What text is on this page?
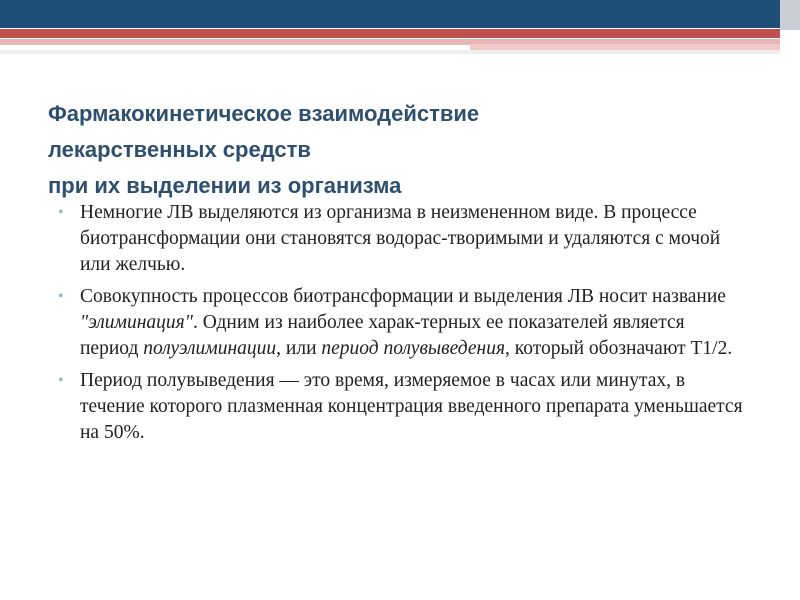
Фармакокинетическое взаимодействие
лекарственных средств
при их выделении из организма
• Немногие ЛВ выделяются из организма в неизмененном виде. В процессе биотрансформации они становятся водорас-творимыми и удаляются с мочой или желчью.
• Совокупность процессов биотрансформации и выделения ЛВ носит название "элиминация". Одним из наиболее харак-терных ее показателей является период полуэлиминации, или период полувыведения, который обозначают Т1/2.
• Период полувыведения — это время, измеряемое в часах или минутах, в течение которого плазменная концентрация введенного препарата уменьшается на 50%.
